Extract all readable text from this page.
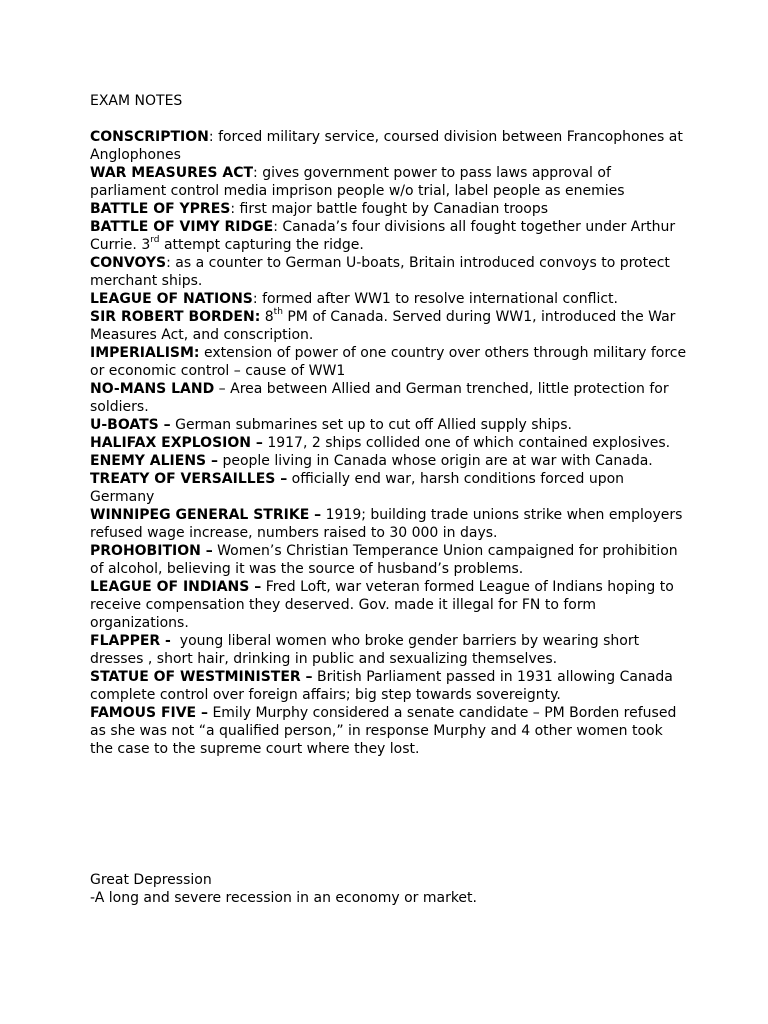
EXAM NOTES

CONSCRIPTION: forced military service, coursed division between Francophones at Anglophones

WAR MEASURES ACT: gives government power to pass laws approval of parliament control media imprison people w/o trial, label people as enemies

BATTLE OF YPRES: first major battle fought by Canadian troops

BATTLE OF VIMY RIDGE: Canada’s four divisions all fought together under Arthur Currie. 3rd attempt capturing the ridge.

CONVOYS: as a counter to German U-boats, Britain introduced convoys to protect merchant ships.

LEAGUE OF NATIONS: formed after WW1 to resolve international conflict.

SIR ROBERT BORDEN: 8th PM of Canada. Served during WW1, introduced the War Measures Act, and conscription.

IMPERIALISM: extension of power of one country over others through military force or economic control – cause of WW1

NO-MANS LAND – Area between Allied and German trenched, little protection for soldiers.

U-BOATS – German submarines set up to cut off Allied supply ships.

HALIFAX EXPLOSION – 1917, 2 ships collided one of which contained explosives.

ENEMY ALIENS – people living in Canada whose origin are at war with Canada.

TREATY OF VERSAILLES – officially end war, harsh conditions forced upon Germany

WINNIPEG GENERAL STRIKE – 1919; building trade unions strike when employers refused wage increase, numbers raised to 30 000 in days.

PROHOBITION – Women’s Christian Temperance Union campaigned for prohibition of alcohol, believing it was the source of husband’s problems.

LEAGUE OF INDIANS – Fred Loft, war veteran formed League of Indians hoping to receive compensation they deserved. Gov. made it illegal for FN to form organizations.

FLAPPER - young liberal women who broke gender barriers by wearing short dresses , short hair, drinking in public and sexualizing themselves.

STATUE OF WESTMINISTER – British Parliament passed in 1931 allowing Canada complete control over foreign affairs; big step towards sovereignty.

FAMOUS FIVE – Emily Murphy considered a senate candidate – PM Borden refused as she was not “a qualified person,” in response Murphy and 4 other women took the case to the supreme court where they lost.

Great Depression

-A long and severe recession in an economy or market.
